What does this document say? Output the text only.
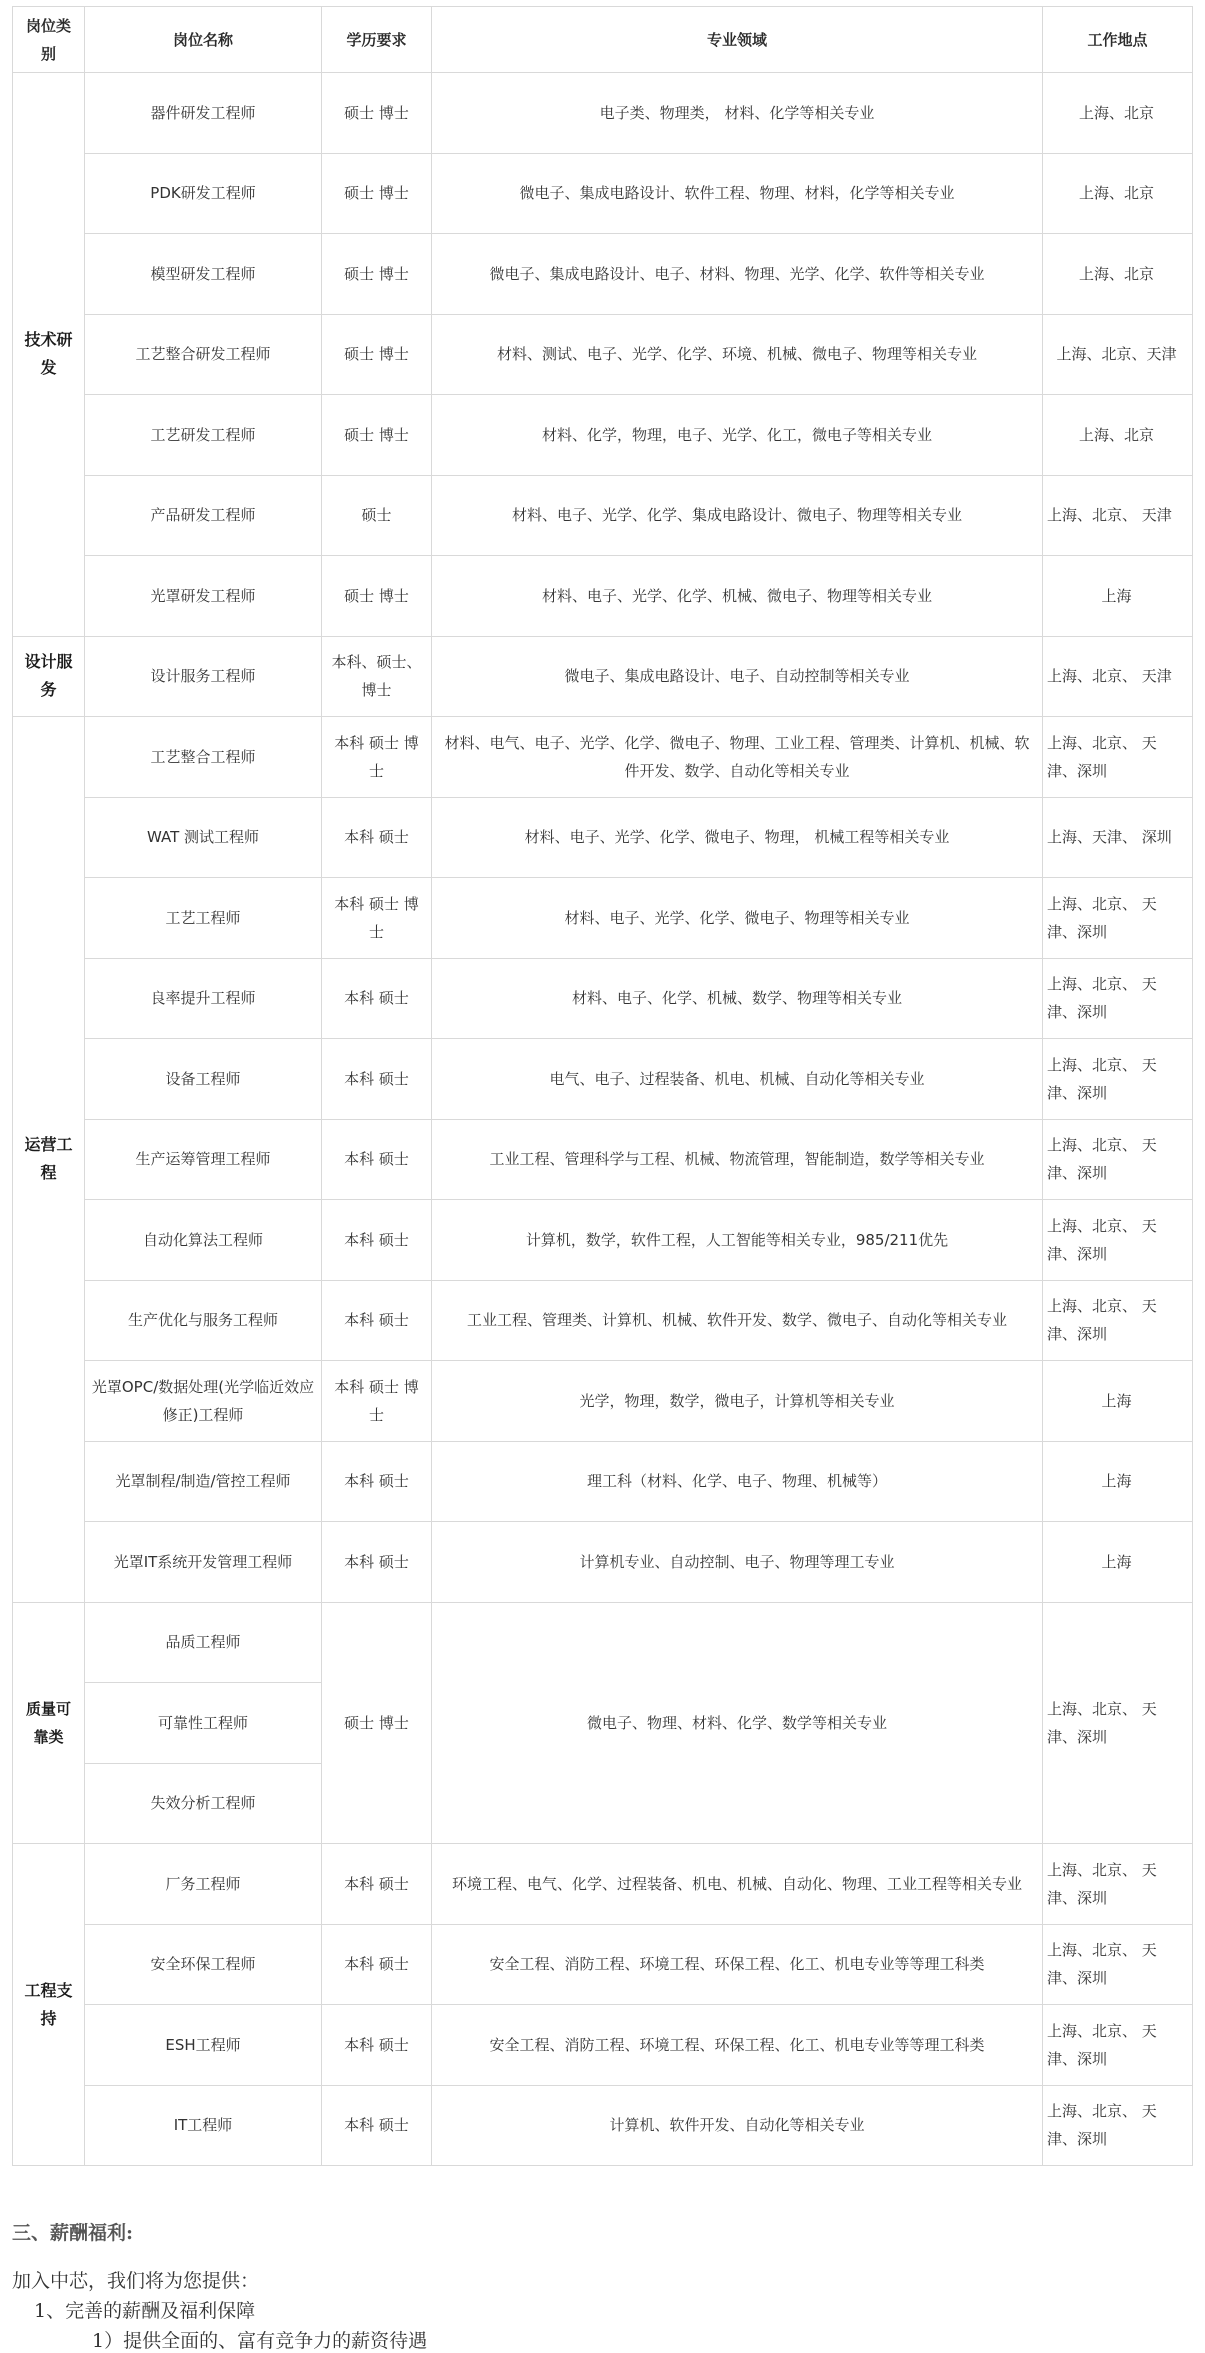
岗位类别	岗位名称	学历要求	专业领域	工作地点
技术研发	器件研发工程师	硕士 博士	电子类、物理类， 材料、化学等相关专业	上海、北京
	PDK研发工程师	硕士 博士	微电子、集成电路设计、软件工程、物理、材料，化学等相关专业	上海、北京
	模型研发工程师	硕士 博士	微电子、集成电路设计、电子、材料、物理、光学、化学、软件等相关专业	上海、北京
	工艺整合研发工程师	硕士 博士	材料、测试、电子、光学、化学、环境、机械、微电子、物理等相关专业	上海、北京、天津
	工艺研发工程师	硕士 博士	材料、化学，物理，电子、光学、化工，微电子等相关专业	上海、北京
	产品研发工程师	硕士	材料、电子、光学、化学、集成电路设计、微电子、物理等相关专业	上海、北京、 天津
	光罩研发工程师	硕士 博士	材料、电子、光学、化学、机械、微电子、物理等相关专业	上海
设计服务	设计服务工程师	本科、硕士、博士	微电子、集成电路设计、电子、自动控制等相关专业	上海、北京、 天津
运营工程	工艺整合工程师	本科 硕士 博士	材料、电气、电子、光学、化学、微电子、物理、工业工程、管理类、计算机、机械、软件开发、数学、自动化等相关专业	上海、北京、 天津、深圳
	WAT 测试工程师	本科 硕士	材料、电子、光学、化学、微电子、物理， 机械工程等相关专业	上海、天津、 深圳
	工艺工程师	本科 硕士 博士	材料、电子、光学、化学、微电子、物理等相关专业	上海、北京、 天津、深圳
	良率提升工程师	本科 硕士	材料、电子、化学、机械、数学、物理等相关专业	上海、北京、 天津、深圳
	设备工程师	本科 硕士	电气、电子、过程装备、机电、机械、自动化等相关专业	上海、北京、 天津、深圳
	生产运筹管理工程师	本科 硕士	工业工程、管理科学与工程、机械、物流管理，智能制造，数学等相关专业	上海、北京、 天津、深圳
	自动化算法工程师	本科 硕士	计算机，数学，软件工程，人工智能等相关专业，985/211优先	上海、北京、 天津、深圳
	生产优化与服务工程师	本科 硕士	工业工程、管理类、计算机、机械、软件开发、数学、微电子、自动化等相关专业	上海、北京、 天津、深圳
	光罩OPC/数据处理(光学临近效应修正)工程师	本科 硕士 博士	光学，物理，数学，微电子，计算机等相关专业	上海
	光罩制程/制造/管控工程师	本科 硕士	理工科（材料、化学、电子、物理、机械等）	上海
	光罩IT系统开发管理工程师	本科 硕士	计算机专业、自动控制、电子、物理等理工专业	上海
质量可靠类	品质工程师	硕士 博士	微电子、物理、材料、化学、数学等相关专业	上海、北京、 天津、深圳
	可靠性工程师			
	失效分析工程师			
工程支持	厂务工程师	本科 硕士	环境工程、电气、化学、过程装备、机电、机械、自动化、物理、工业工程等相关专业	上海、北京、 天津、深圳
	安全环保工程师	本科 硕士	安全工程、消防工程、环境工程、环保工程、化工、机电专业等等理工科类	上海、北京、 天津、深圳
	ESH工程师	本科 硕士	安全工程、消防工程、环境工程、环保工程、化工、机电专业等等理工科类	上海、北京、 天津、深圳
	IT工程师	本科 硕士	计算机、软件开发、自动化等相关专业	上海、北京、 天津、深圳
三、薪酬福利:
加入中芯，我们将为您提供：
1、完善的薪酬及福利保障
1）提供全面的、富有竞争力的薪资待遇
